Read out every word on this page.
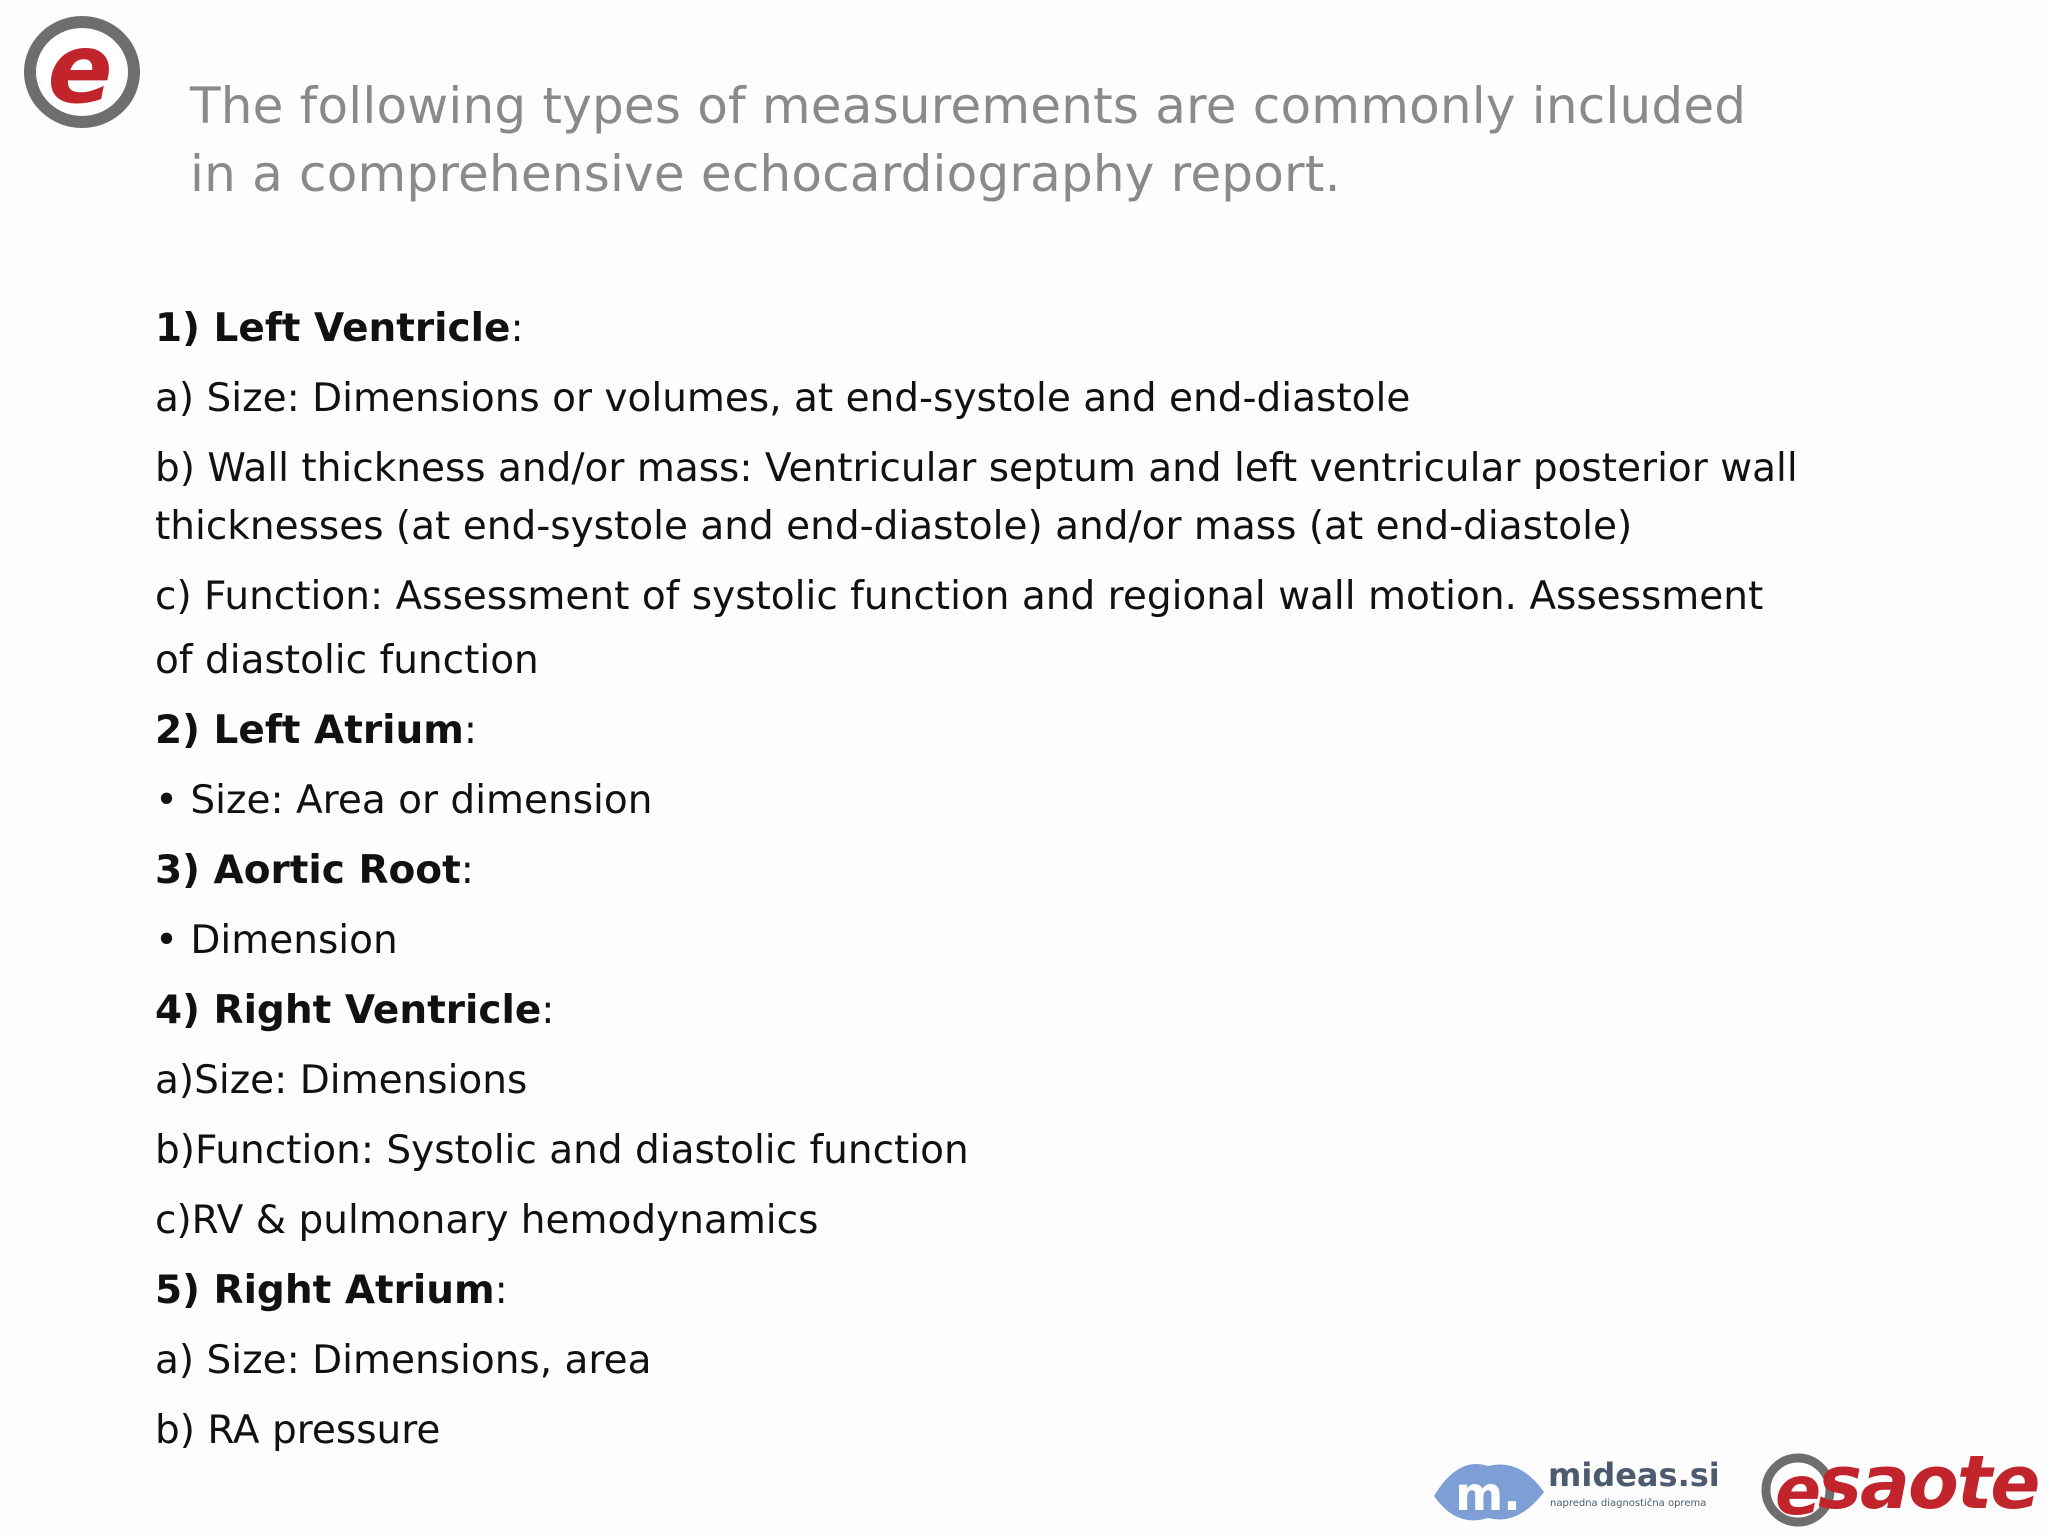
e The following types of measurements are commonly included in a comprehensive echocardiography report.

1) Left Ventricle:

a) Size: Dimensions or volumes, at end-systole and end-diastole

b) Wall thickness and/or mass: Ventricular septum and left ventricular posterior wall thicknesses (at end-systole and end-diastole) and/or mass (at end-diastole)

c) Function: Assessment of systolic function and regional wall motion. Assessment

of diastolic function

2) Left Atrium:

• Size: Area or dimension

3) Aortic Root:

• Dimension

4) Right Ventricle:

a)Size: Dimensions

b)Function: Systolic and diastolic function

c)RV & pulmonary hemodynamics

5) Right Atrium:

a) Size: Dimensions, area

b) RA pressure

m. mideas.si
napredna diagnostična oprema e
saote
